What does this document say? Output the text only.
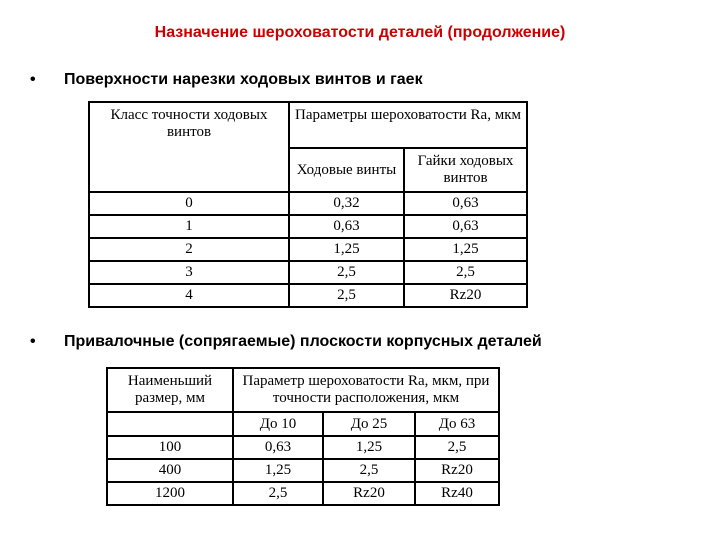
Назначение шероховатости деталей (продолжение)
• Поверхности нарезки ходовых винтов и гаек
Класс точности ходовых винтов	Параметры шероховатости Ra, мкм	
	Ходовые винты	Гайки ходовых винтов
0	0,32	0,63
1	0,63	0,63
2	1,25	1,25
3	2,5	2,5
4	2,5	Rz20
• Привалочные (сопрягаемые) плоскости корпусных деталей
Наименьший размер, мм	Параметр шероховатости Ra, мкм, при точности расположения, мкм		
	До 10	До 25	До 63
100	0,63	1,25	2,5
400	1,25	2,5	Rz20
1200	2,5	Rz20	Rz40
